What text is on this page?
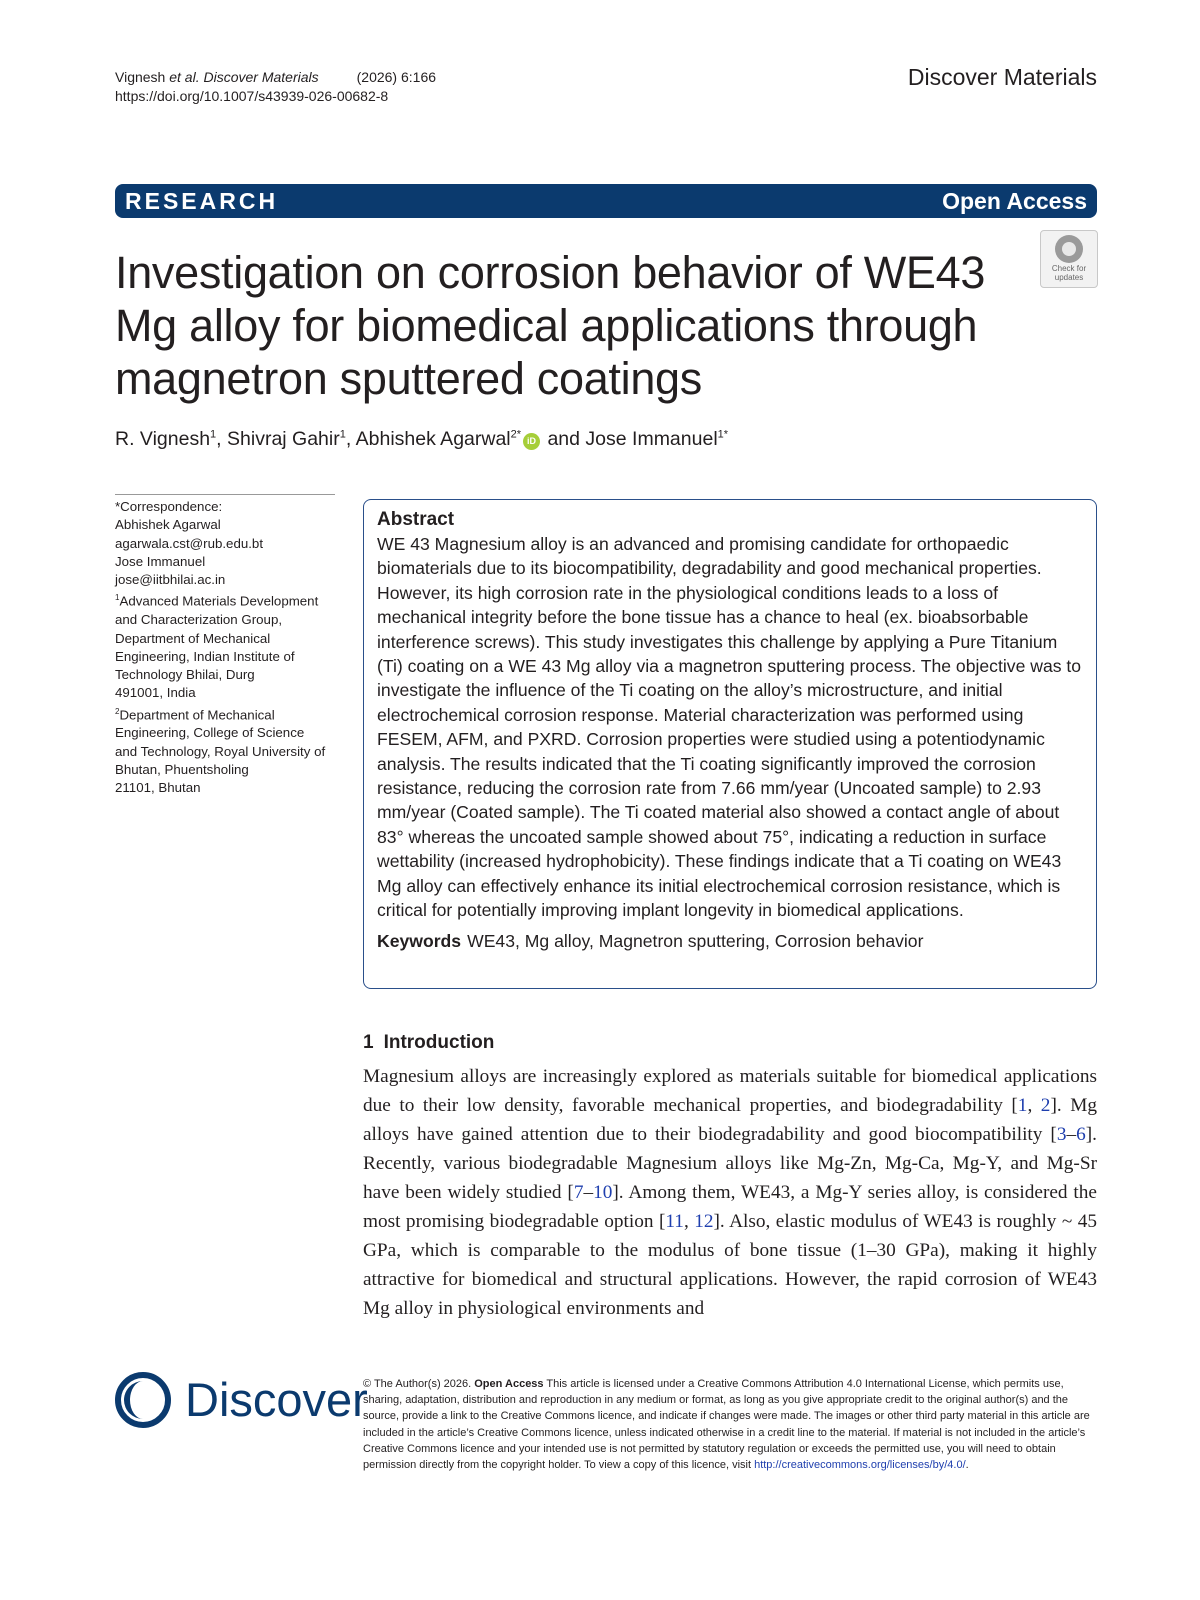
Vignesh et al. Discover Materials	(2026) 6:166
https://doi.org/10.1007/s43939-026-00682-8
Discover Materials
RESEARCH	Open Access
Investigation on corrosion behavior of WE43 Mg alloy for biomedical applications through magnetron sputtered coatings
Check for
updates
R. Vignesh$^1$, Shivraj Gahir$^1$, Abhishek Agarwal$^{2*}$iD and Jose Immanuel$^{1*}$
*Correspondence:
Abhishek Agarwal
agarwala.cst@rub.edu.bt
Jose Immanuel
jose@iitbhilai.ac.in
$^1$Advanced Materials Development
and Characterization Group,
Department of Mechanical
Engineering, Indian Institute of
Technology Bhilai, Durg
491001, India
$^2$Department of Mechanical
Engineering, College of Science
and Technology, Royal University of
Bhutan, Phuentsholing
21101, Bhutan
Abstract
WE 43 Magnesium alloy is an advanced and promising candidate for orthopaedic biomaterials due to its biocompatibility, degradability and good mechanical properties. However, its high corrosion rate in the physiological conditions leads to a loss of mechanical integrity before the bone tissue has a chance to heal (ex. bioabsorbable interference screws). This study investigates this challenge by applying a Pure Titanium (Ti) coating on a WE 43 Mg alloy via a magnetron sputtering process. The objective was to investigate the influence of the Ti coating on the alloy’s microstructure, and initial electrochemical corrosion response. Material characterization was performed using FESEM, AFM, and PXRD. Corrosion properties were studied using a potentiodynamic analysis. The results indicated that the Ti coating significantly improved the corrosion resistance, reducing the corrosion rate from 7.66 mm/year (Uncoated sample) to 2.93 mm/year (Coated sample). The Ti coated material also showed a contact angle of about 83° whereas the uncoated sample showed about 75°, indicating a reduction in surface wettability (increased hydrophobicity). These findings indicate that a Ti coating on WE43 Mg alloy can effectively enhance its initial electrochemical corrosion resistance, which is critical for potentially improving implant longevity in biomedical applications.
Keywords WE43, Mg alloy, Magnetron sputtering, Corrosion behavior
1 Introduction
Magnesium alloys are increasingly explored as materials suitable for biomedical applications due to their low density, favorable mechanical properties, and biodegradability [1, 2]. Mg alloys have gained attention due to their biodegradability and good biocompatibility [3–6]. Recently, various biodegradable Magnesium alloys like Mg-Zn, Mg-Ca, Mg-Y, and Mg-Sr have been widely studied [7–10]. Among them, WE43, a Mg-Y series alloy, is considered the most promising biodegradable option [11, 12]. Also, elastic modulus of WE43 is roughly ~ 45 GPa, which is comparable to the modulus of bone tissue (1–30 GPa), making it highly attractive for biomedical and structural applications. However, the rapid corrosion of WE43 Mg alloy in physiological environments and
Discover
© The Author(s) 2026. Open Access This article is licensed under a Creative Commons Attribution 4.0 International License, which permits use, sharing, adaptation, distribution and reproduction in any medium or format, as long as you give appropriate credit to the original author(s) and the source, provide a link to the Creative Commons licence, and indicate if changes were made. The images or other third party material in this article are included in the article’s Creative Commons licence, unless indicated otherwise in a credit line to the material. If material is not included in the article’s Creative Commons licence and your intended use is not permitted by statutory regulation or exceeds the permitted use, you will need to obtain permission directly from the copyright holder. To view a copy of this licence, visit http://creativecommons.org/licenses/by/4.0/.
